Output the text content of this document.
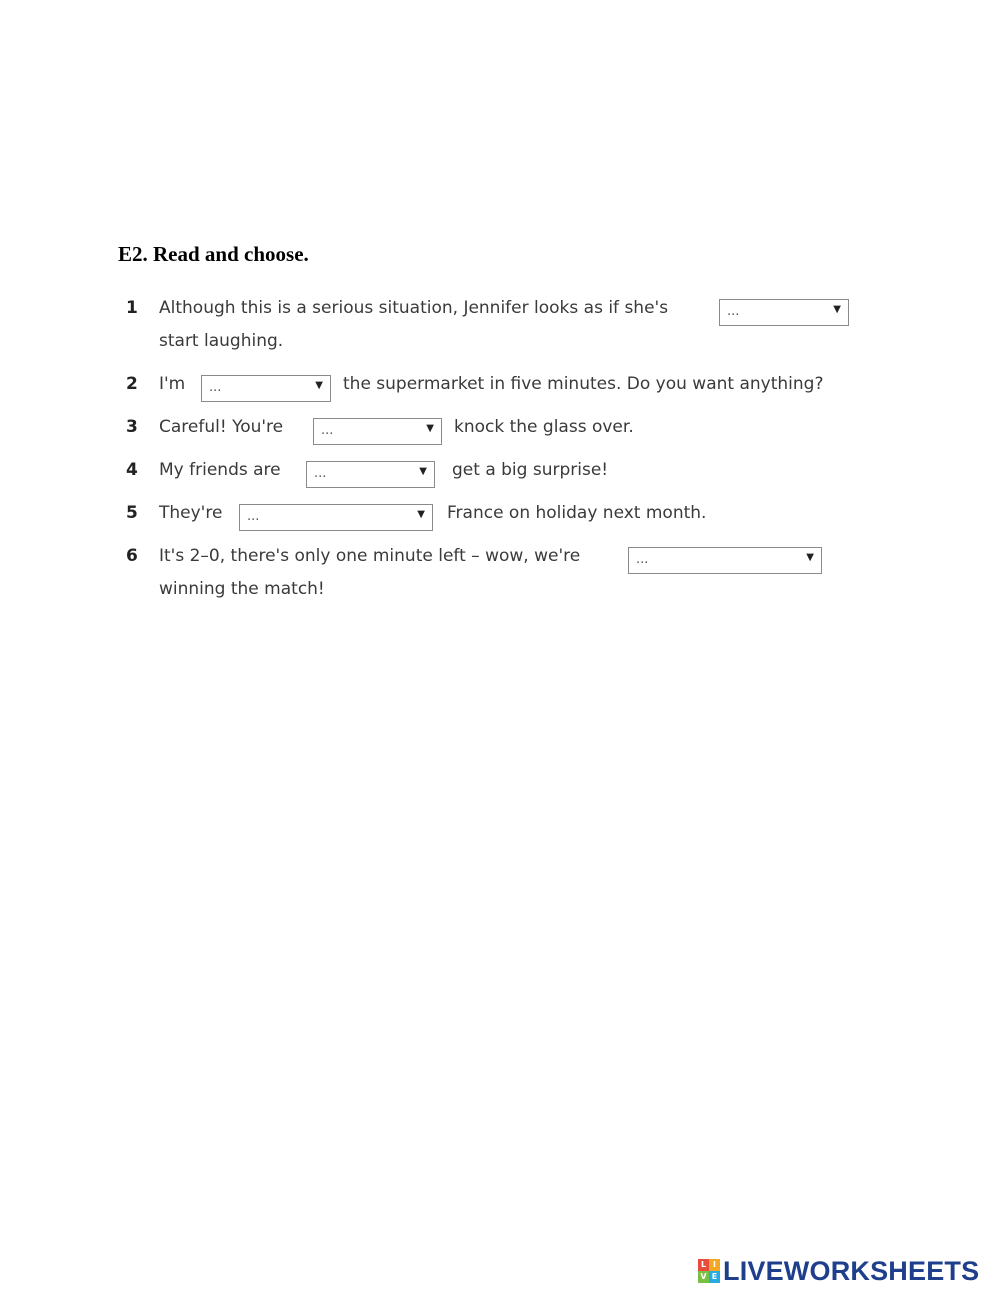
E2. Read and choose.
1 Although this is a serious situation, Jennifer looks as if she's	...	▼
start laughing.
2 I'm ...	▼ the supermarket in five minutes. Do you want anything?
3 Careful! You're	...	▼ knock the glass over.
4 My friends are	...	▼ get a big surprise!
5 They're ...	▼ France on holiday next month.
6 It's 2–0, there's only one minute left – wow, we're	...	▼
winning the match!
L I
V E LIVEWORKSHEETS
